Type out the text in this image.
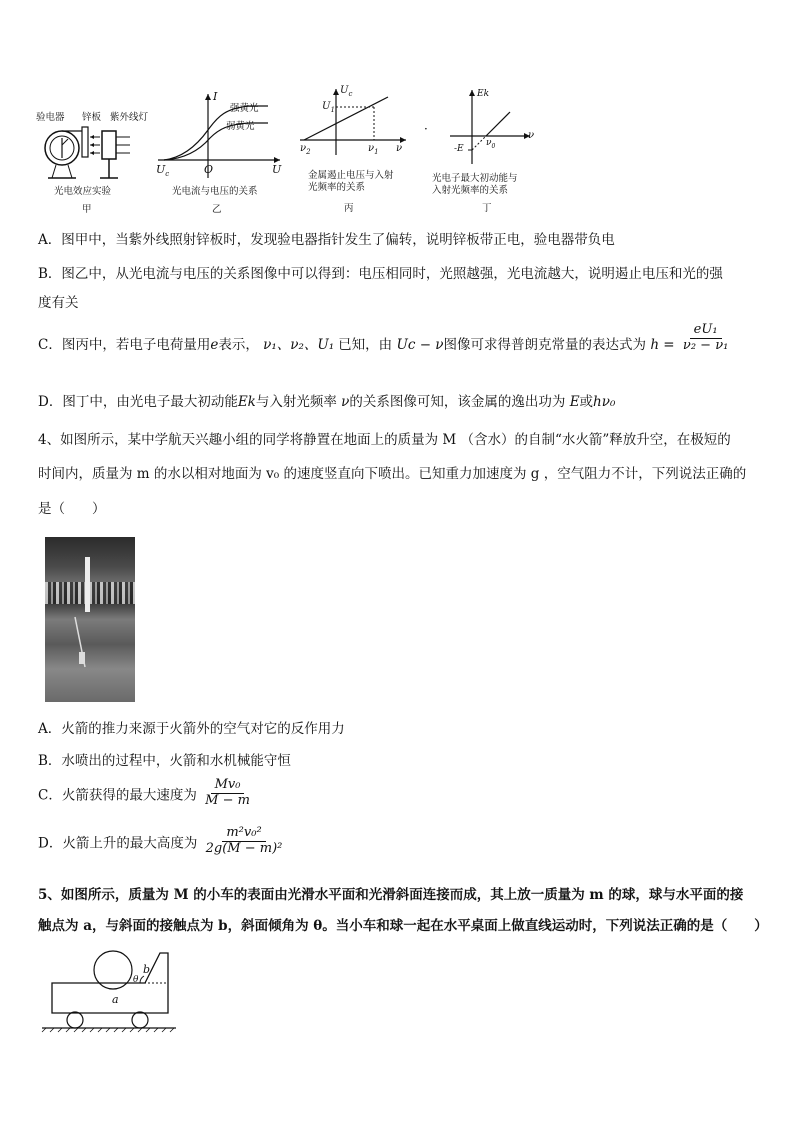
验电器 锌板 紫外线灯
光电效应实验
甲
I
强黄光
弱黄光
$U_c$	O	U
光电流与电压的关系
乙
$U_c$
$U_1$
$\nu_2$	$\nu_1$ ν
金属遏止电压与入射
光频率的关系
丙
·
Ek
$\nu_0$
-E
ν
光电子最大初动能与
入射光频率的关系
丁
A．图甲中，当紫外线照射锌板时，发现验电器指针发生了偏转，说明锌板带正电，验电器带负电
B．图乙中，从光电流与电压的关系图像中可以得到：电压相同时，光照越强，光电流越大，说明遏止电压和光的强
度有关
C．图丙中，若电子电荷量用e表示， ν₁、ν₂、U₁ 已知，由 Uc − ν图像可求得普朗克常量的表达式为 $h = \frac{\text{eU₁}}{\text{ν₂ − ν₁}}$
D．图丁中，由光电子最大初动能Ek与入射光频率 ν的关系图像可知，该金属的逸出功为 E或hν₀
4、如图所示，某中学航天兴趣小组的同学将静置在地面上的质量为 M （含水）的自制“水火箭”释放升空，在极短的
时间内，质量为 m 的水以相对地面为 v₀ 的速度竖直向下喷出。已知重力加速度为 g ，空气阻力不计，下列说法正确的
是（　　）
A．火箭的推力来源于火箭外的空气对它的反作用力
B．水喷出的过程中，火箭和水机械能守恒
C．火箭获得的最大速度为 $\frac{\text{Mv₀}}{M - m}$
D．火箭上升的最大高度为 $\frac{\text{m²v₀²}}{\text{2g(M − m)²}}$
5、如图所示，质量为 M 的小车的表面由光滑水平面和光滑斜面连接而成，其上放一质量为 m 的球，球与水平面的接
触点为 a，与斜面的接触点为 b，斜面倾角为 θ。当小车和球一起在水平桌面上做直线运动时，下列说法正确的是（　　）
b
θ
a
